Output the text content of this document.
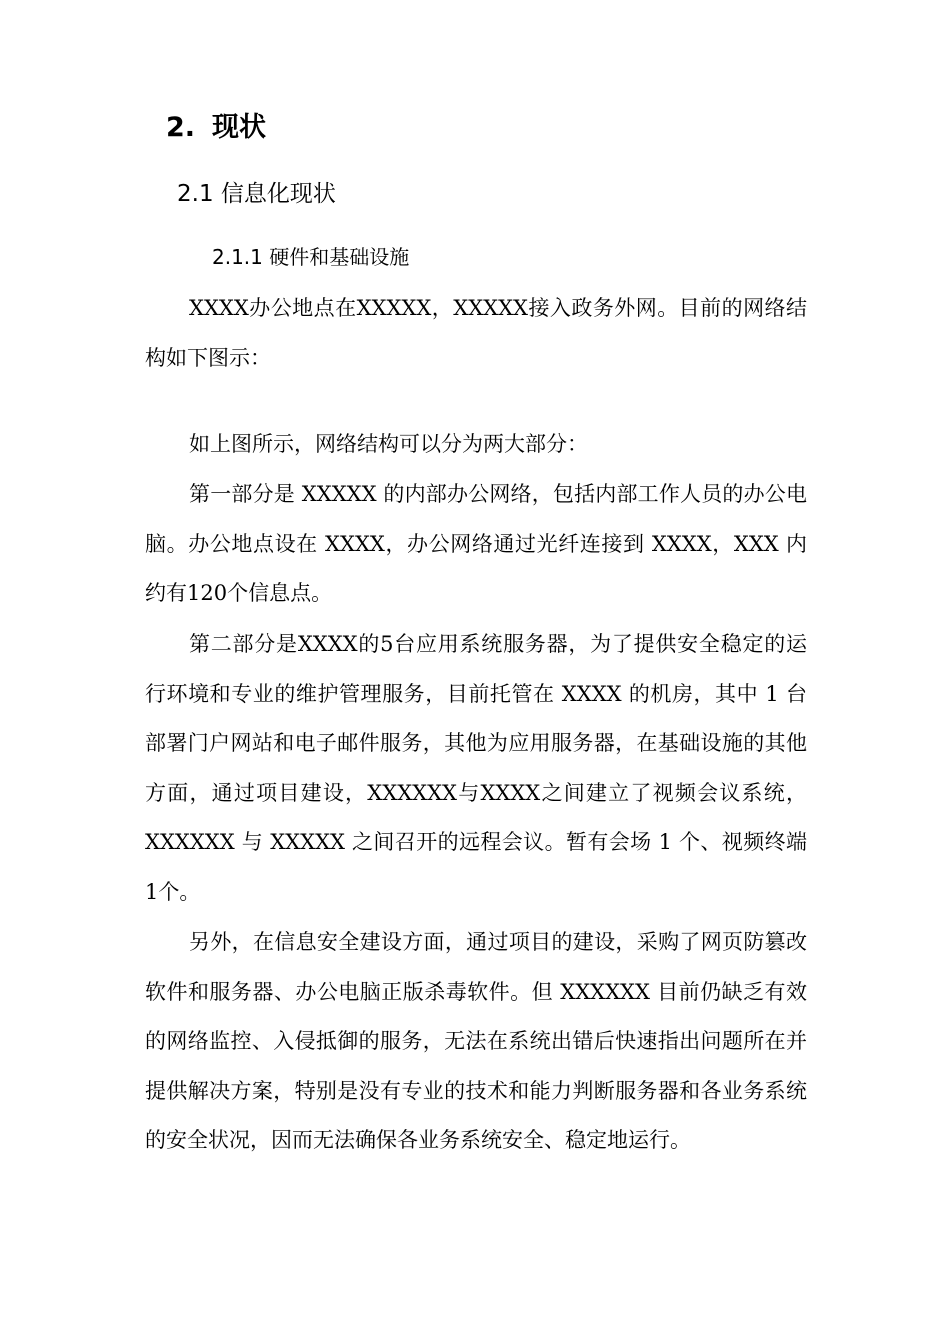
2. 现状
2.1 信息化现状
2.1.1 硬件和基础设施

XXXX办公地点在XXXXX，XXXXX接入政务外网。目前的网络结构如下图示：

如上图所示，网络结构可以分为两大部分：

第一部分是 XXXXX 的内部办公网络，包括内部工作人员的办公电脑。办公地点设在 XXXX，办公网络通过光纤连接到 XXXX，XXX 内约有120个信息点。

第二部分是XXXX的5台应用系统服务器，为了提供安全稳定的运行环境和专业的维护管理服务，目前托管在 XXXX 的机房，其中 1 台部署门户网站和电子邮件服务，其他为应用服务器，在基础设施的其他方面，通过项目建设，XXXXXX与XXXX之间建立了视频会议系统，XXXXXX 与 XXXXX 之间召开的远程会议。暂有会场 1 个、视频终端1个。

另外，在信息安全建设方面，通过项目的建设，采购了网页防篡改软件和服务器、办公电脑正版杀毒软件。但 XXXXXX 目前仍缺乏有效的网络监控、入侵抵御的服务，无法在系统出错后快速指出问题所在并提供解决方案，特别是没有专业的技术和能力判断服务器和各业务系统的安全状况，因而无法确保各业务系统安全、稳定地运行。
